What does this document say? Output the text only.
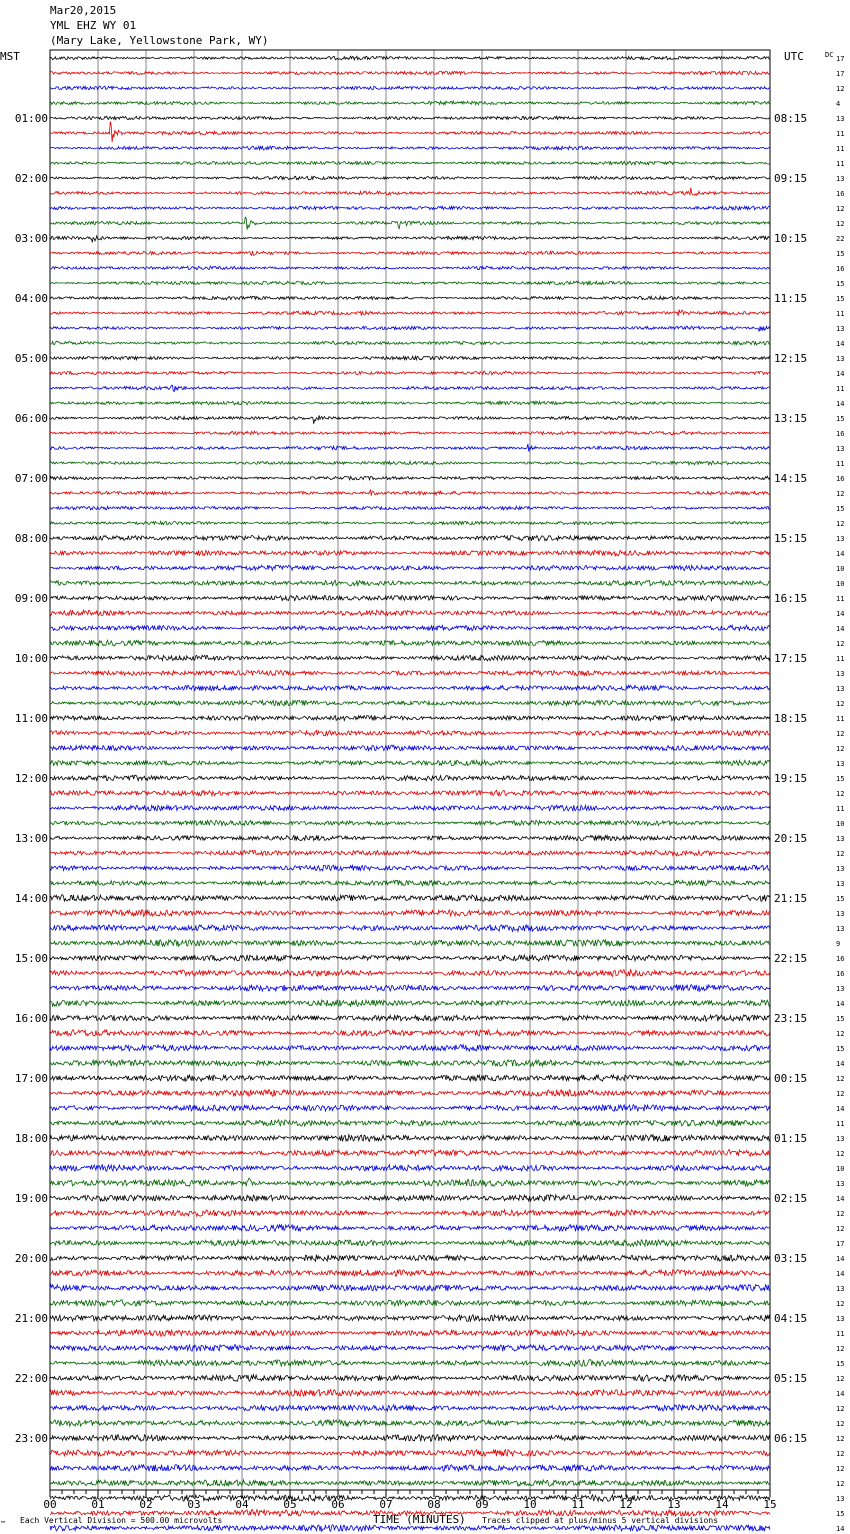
Mar20,2015
YML EHZ WY 01
(Mary Lake, Yellowstone Park, WY)
MST	UTC	DC
™ Each Vertical Division = 500.00 microvolts	TIME (MINUTES) Traces clipped at plus/minus 5 vertical divisions
00	01	02	03	04	05	06	07	08	09	10	11	12	13	14	15
17
17
12
4
13
11
11
11
13
16
12
12
22
15
16
15
15
11
13
14
13
14
11
14
15
16
13
11
16
12
15
12
13
14
10
10
11
14
14
12
11
13
13
12
11
12
12
13
15
12
11
10
13
12
13
13
15
13
13
9
16
16
13
14
15
12
15
14
12
12
14
11
13
12
10
13
14
12
12
17
14
14
13
12
13
11
12
15
12
14
12
12
12
12
12
12
13
15
14
01:00
02:00
03:00
04:00
05:00
06:00
07:00
08:00
09:00
10:00
11:00
12:00
13:00
14:00
15:00
16:00
17:00
18:00
19:00
20:00
21:00
22:00
23:00
08:15
09:15
10:15
11:15
12:15
13:15
14:15
15:15
16:15
17:15
18:15
19:15
20:15
21:15
22:15
23:15
00:15
01:15
02:15
03:15
04:15
05:15
06:15
